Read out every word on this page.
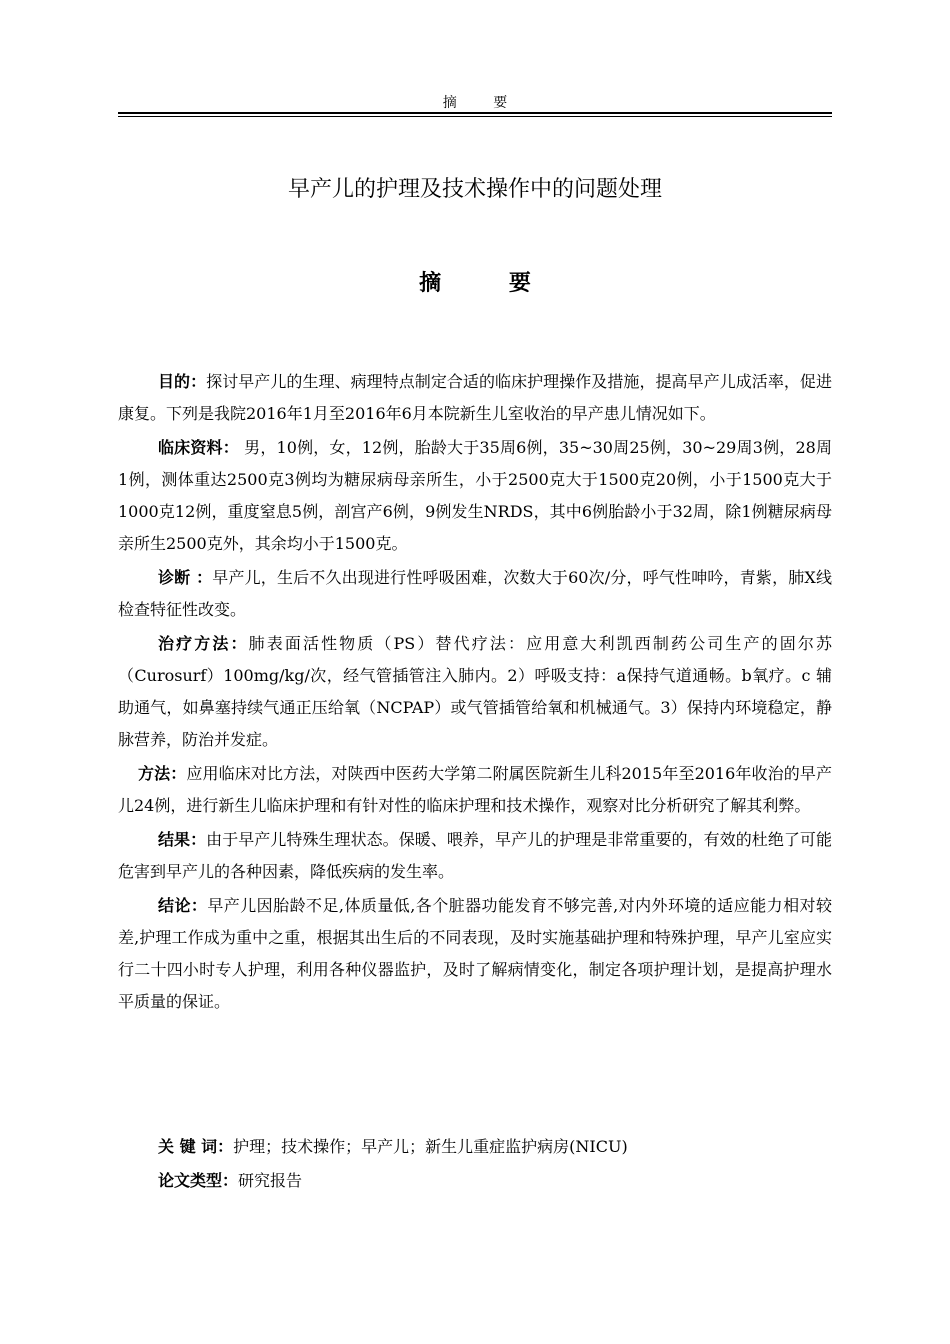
摘 要
早产儿的护理及技术操作中的问题处理
摘 要

目的：探讨早产儿的生理、病理特点制定合适的临床护理操作及措施，提高早产儿成活率，促进康复。下列是我院2016年1月至2016年6月本院新生儿室收治的早产患儿情况如下。

临床资料： 男，10例，女，12例，胎龄大于35周6例，35~30周25例，30~29周3例，28周1例，测体重达2500克3例均为糖尿病母亲所生，小于2500克大于1500克20例，小于1500克大于1000克12例，重度窒息5例，剖宫产6例，9例发生NRDS，其中6例胎龄小于32周，除1例糖尿病母亲所生2500克外，其余均小于1500克。

诊断 ：早产儿，生后不久出现进行性呼吸困难，次数大于60次/分，呼气性呻吟，青紫，肺X线检查特征性改变。

治疗方法：肺表面活性物质（PS）替代疗法：应用意大利凯西制药公司生产的固尔苏（Curosurf）100mg/kg/次，经气管插管注入肺内。2）呼吸支持：a保持气道通畅。b氧疗。c 辅助通气，如鼻塞持续气通正压给氧（NCPAP）或气管插管给氧和机械通气。3）保持内环境稳定，静脉营养，防治并发症。

方法：应用临床对比方法，对陕西中医药大学第二附属医院新生儿科2015年至2016年收治的早产儿24例，进行新生儿临床护理和有针对性的临床护理和技术操作，观察对比分析研究了解其利弊。

结果：由于早产儿特殊生理状态。保暖、喂养，早产儿的护理是非常重要的，有效的杜绝了可能危害到早产儿的各种因素，降低疾病的发生率。

结论：早产儿因胎龄不足,体质量低,各个脏器功能发育不够完善,对内外环境的适应能力相对较差,护理工作成为重中之重，根据其出生后的不同表现，及时实施基础护理和特殊护理，早产儿室应实行二十四小时专人护理，利用各种仪器监护，及时了解病情变化，制定各项护理计划，是提高护理水平质量的保证。

关 键 词：护理；技术操作；早产儿；新生儿重症监护病房(NICU)
论文类型：研究报告
